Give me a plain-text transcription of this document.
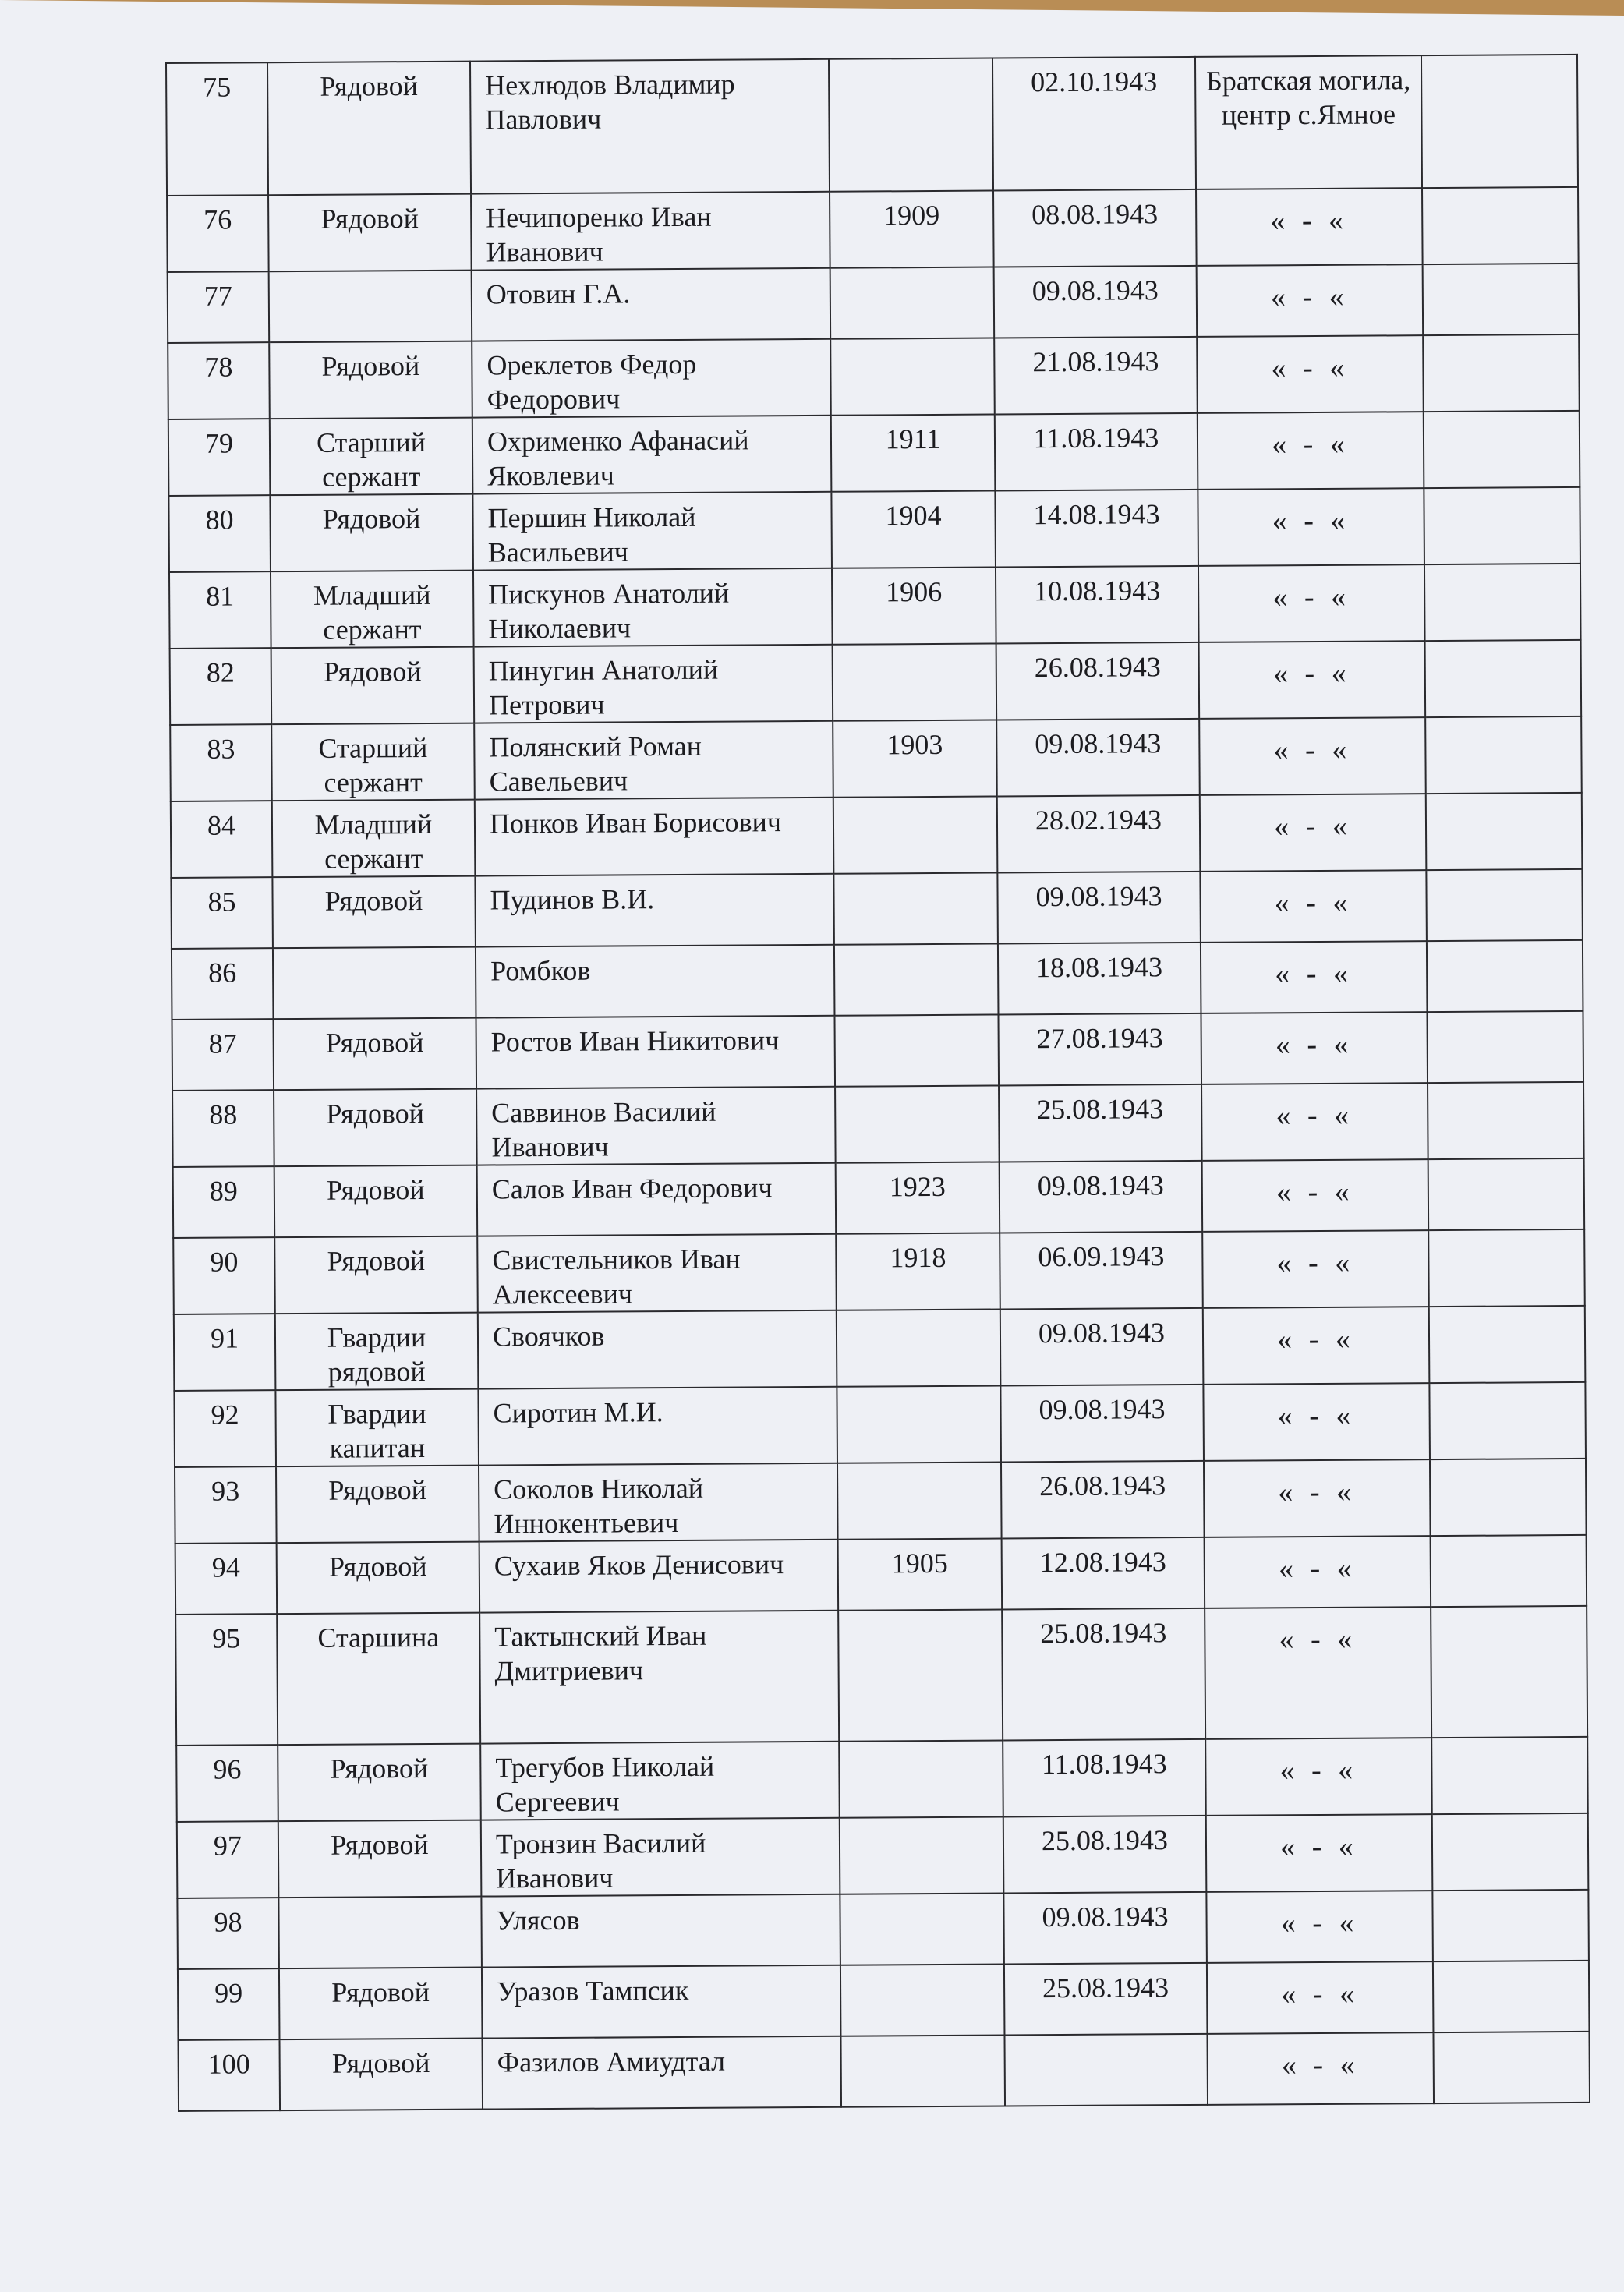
75	Рядовой	Нехлюдов Владимир Павлович		02.10.1943	Братская могила, центр с.Ямное	
76	Рядовой	Нечипоренко Иван Иванович	1909	08.08.1943	« - «	
77		Отовин Г.А.		09.08.1943	« - «	
78	Рядовой	Ореклетов Федор Федорович		21.08.1943	« - «	
79	Старший сержант	Охрименко Афанасий Яковлевич	1911	11.08.1943	« - «	
80	Рядовой	Першин Николай Васильевич	1904	14.08.1943	« - «	
81	Младший сержант	Пискунов Анатолий Николаевич	1906	10.08.1943	« - «	
82	Рядовой	Пинугин Анатолий Петрович		26.08.1943	« - «	
83	Старший сержант	Полянский Роман Савельевич	1903	09.08.1943	« - «	
84	Младший сержант	Понков Иван Борисович		28.02.1943	« - «	
85	Рядовой	Пудинов В.И.		09.08.1943	« - «	
86		Ромбков		18.08.1943	« - «	
87	Рядовой	Ростов Иван Никитович		27.08.1943	« - «	
88	Рядовой	Саввинов Василий Иванович		25.08.1943	« - «	
89	Рядовой	Салов Иван Федорович	1923	09.08.1943	« - «	
90	Рядовой	Свистельников Иван Алексеевич	1918	06.09.1943	« - «	
91	Гвардии рядовой	Своячков		09.08.1943	« - «	
92	Гвардии капитан	Сиротин М.И.		09.08.1943	« - «	
93	Рядовой	Соколов Николай Иннокентьевич		26.08.1943	« - «	
94	Рядовой	Сухаив Яков Денисович	1905	12.08.1943	« - «	
95	Старшина	Тактынский Иван Дмитриевич		25.08.1943	« - «	
96	Рядовой	Трегубов Николай Сергеевич		11.08.1943	« - «	
97	Рядовой	Тронзин Василий Иванович		25.08.1943	« - «	
98		Улясов		09.08.1943	« - «	
99	Рядовой	Уразов Тампсик		25.08.1943	« - «	
100	Рядовой	Фазилов Амиудтал			« - «	
